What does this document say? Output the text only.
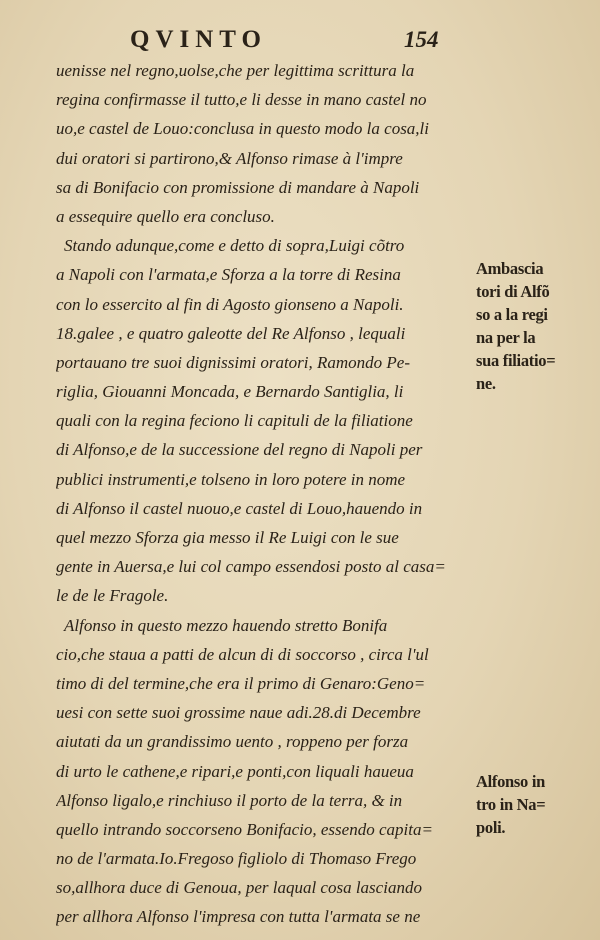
QVINTO	154
uenisse nel regno,uolse,che per legittima scrittura la
regina confirmasse il tutto,e li desse in mano castel no
uo,e castel de Louo:conclusa in questo modo la cosa,li
dui oratori si partirono,& Alfonso rimase à l'impre
sa di Bonifacio con promissione di mandare à Napoli
a essequire quello era concluso.
Stando adunque,come e detto di sopra,Luigi cõtro
a Napoli con l'armata,e Sforza a la torre di Resina
con lo essercito al fin di Agosto gionseno a Napoli.
18.galee , e quatro galeotte del Re Alfonso , lequali
portauano tre suoi dignissimi oratori, Ramondo Pe-
riglia, Giouanni Moncada, e Bernardo Santiglia, li
quali con la regina feciono li capituli de la filiatione
di Alfonso,e de la successione del regno di Napoli per
publici instrumenti,e tolseno in loro potere in nome
di Alfonso il castel nuouo,e castel di Louo,hauendo in
quel mezzo Sforza gia messo il Re Luigi con le sue
gente in Auersa,e lui col campo essendosi posto al casa=
le de le Fragole.
Alfonso in questo mezzo hauendo stretto Bonifa
cio,che staua a patti de alcun di di soccorso , circa l'ul
timo di del termine,che era il primo di Genaro:Geno=
uesi con sette suoi grossime naue adi.28.di Decembre
aiutati da un grandissimo uento , roppeno per forza
di urto le cathene,e ripari,e ponti,con liquali haueua
Alfonso ligalo,e rinchiuso il porto de la terra, & in
quello intrando soccorseno Bonifacio, essendo capita=
no de l'armata.Io.Fregoso figliolo di Thomaso Frego
so,allhora duce di Genoua, per laqual cosa lasciando
per allhora Alfonso l'impresa con tutta l'armata se ne
Ambascia
tori di Alfõ
so a la regi
na per la
sua filiatio=
ne.
Alfonso in
tro in Na=
poli.
